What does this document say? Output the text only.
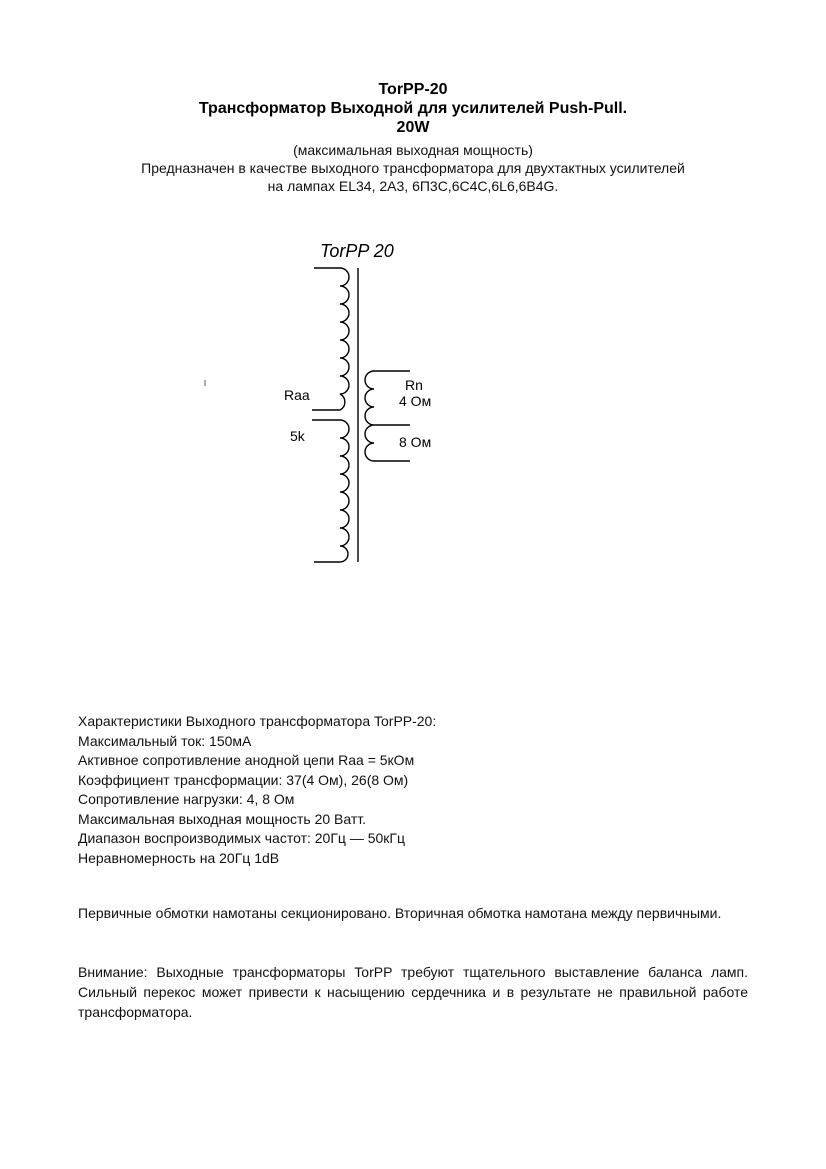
TorPP-20
Трансформатор Выходной для усилителей Push-Pull.
20W
(максимальная выходная мощность)
Предназначен в качестве выходного трансформатора для двухтактных усилителей
на лампах EL34, 2А3, 6П3С,6С4С,6L6,6В4G.
TorPP 20
Raa
5k
Rn
4 Ом
8 Ом
Характеристики Выходного трансформатора TorPP-20:
Максимальный ток: 150мА
Активное сопротивление анодной цепи Raa = 5кОм
Коэффициент трансформации: 37(4 Ом), 26(8 Ом)
Сопротивление нагрузки: 4, 8 Ом
Максимальная выходная мощность 20 Ватт.
Диапазон воспроизводимых частот: 20Гц — 50кГц
Неравномерность на 20Гц 1dB
Первичные обмотки намотаны секционировано. Вторичная обмотка намотана между первичными.
Внимание: Выходные трансформаторы TorPP требуют тщательного выставление баланса ламп. Сильный перекос может привести к насыщению сердечника и в результате не правильной работе трансформатора.
